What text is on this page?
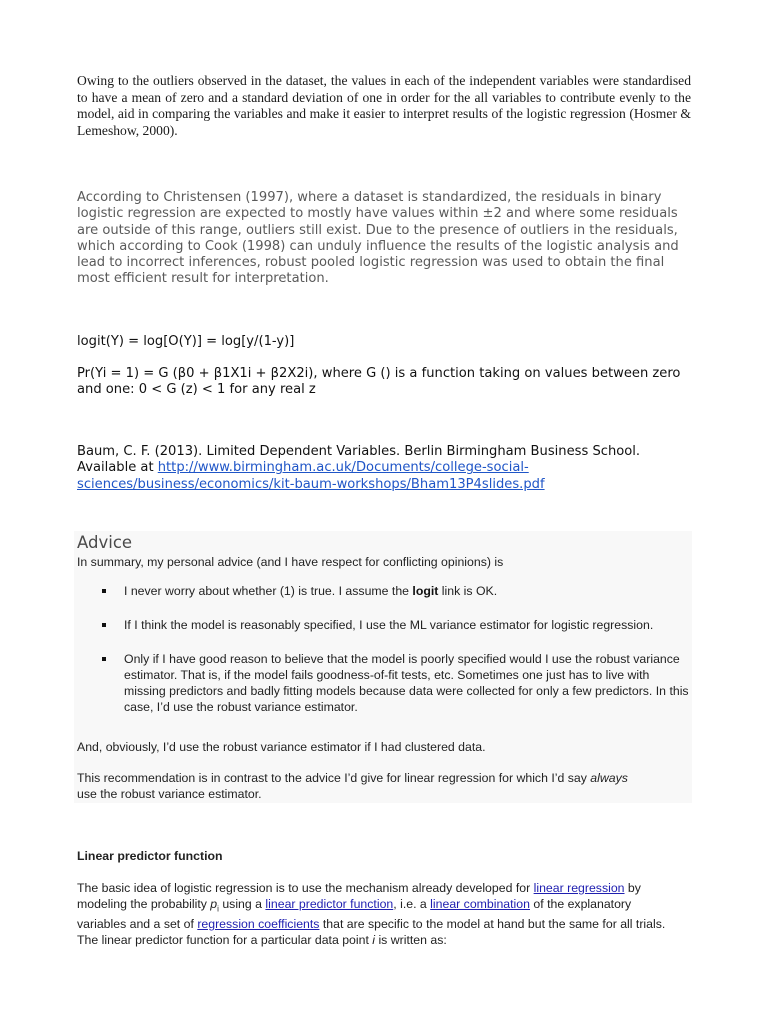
Owing to the outliers observed in the dataset, the values in each of the independent variables were standardised to have a mean of zero and a standard deviation of one in order for the all variables to contribute evenly to the model, aid in comparing the variables and make it easier to interpret results of the logistic regression (Hosmer & Lemeshow, 2000).

According to Christensen (1997), where a dataset is standardized, the residuals in binary logistic regression are expected to mostly have values within ±2 and where some residuals are outside of this range, outliers still exist. Due to the presence of outliers in the residuals, which according to Cook (1998) can unduly influence the results of the logistic analysis and lead to incorrect inferences, robust pooled logistic regression was used to obtain the final most efficient result for interpretation.

logit(Y) = log[O(Y)] = log[y/(1-y)]

Pr(Yi = 1) = G (β0 + β1X1i + β2X2i), where G () is a function taking on values between zero and one: 0 < G (z) < 1 for any real z

Baum, C. F. (2013). Limited Dependent Variables. Berlin Birmingham Business School. Available at http://www.birmingham.ac.uk/Documents/college-social-sciences/business/economics/kit-baum-workshops/Bham13P4slides.pdf

Advice

In summary, my personal advice (and I have respect for conflicting opinions) is

I never worry about whether (1) is true. I assume the logit link is OK.
If I think the model is reasonably specified, I use the ML variance estimator for logistic regression.
Only if I have good reason to believe that the model is poorly specified would I use the robust variance estimator. That is, if the model fails goodness-of-fit tests, etc. Sometimes one just has to live with missing predictors and badly fitting models because data were collected for only a few predictors. In this case, I’d use the robust variance estimator.

And, obviously, I’d use the robust variance estimator if I had clustered data.

This recommendation is in contrast to the advice I’d give for linear regression for which I’d say always use the robust variance estimator.

Linear predictor function

The basic idea of logistic regression is to use the mechanism already developed for linear regression by modeling the probability $p_i$ using a linear predictor function, i.e. a linear combination of the explanatory variables and a set of regression coefficients that are specific to the model at hand but the same for all trials. The linear predictor function for a particular data point i is written as:
